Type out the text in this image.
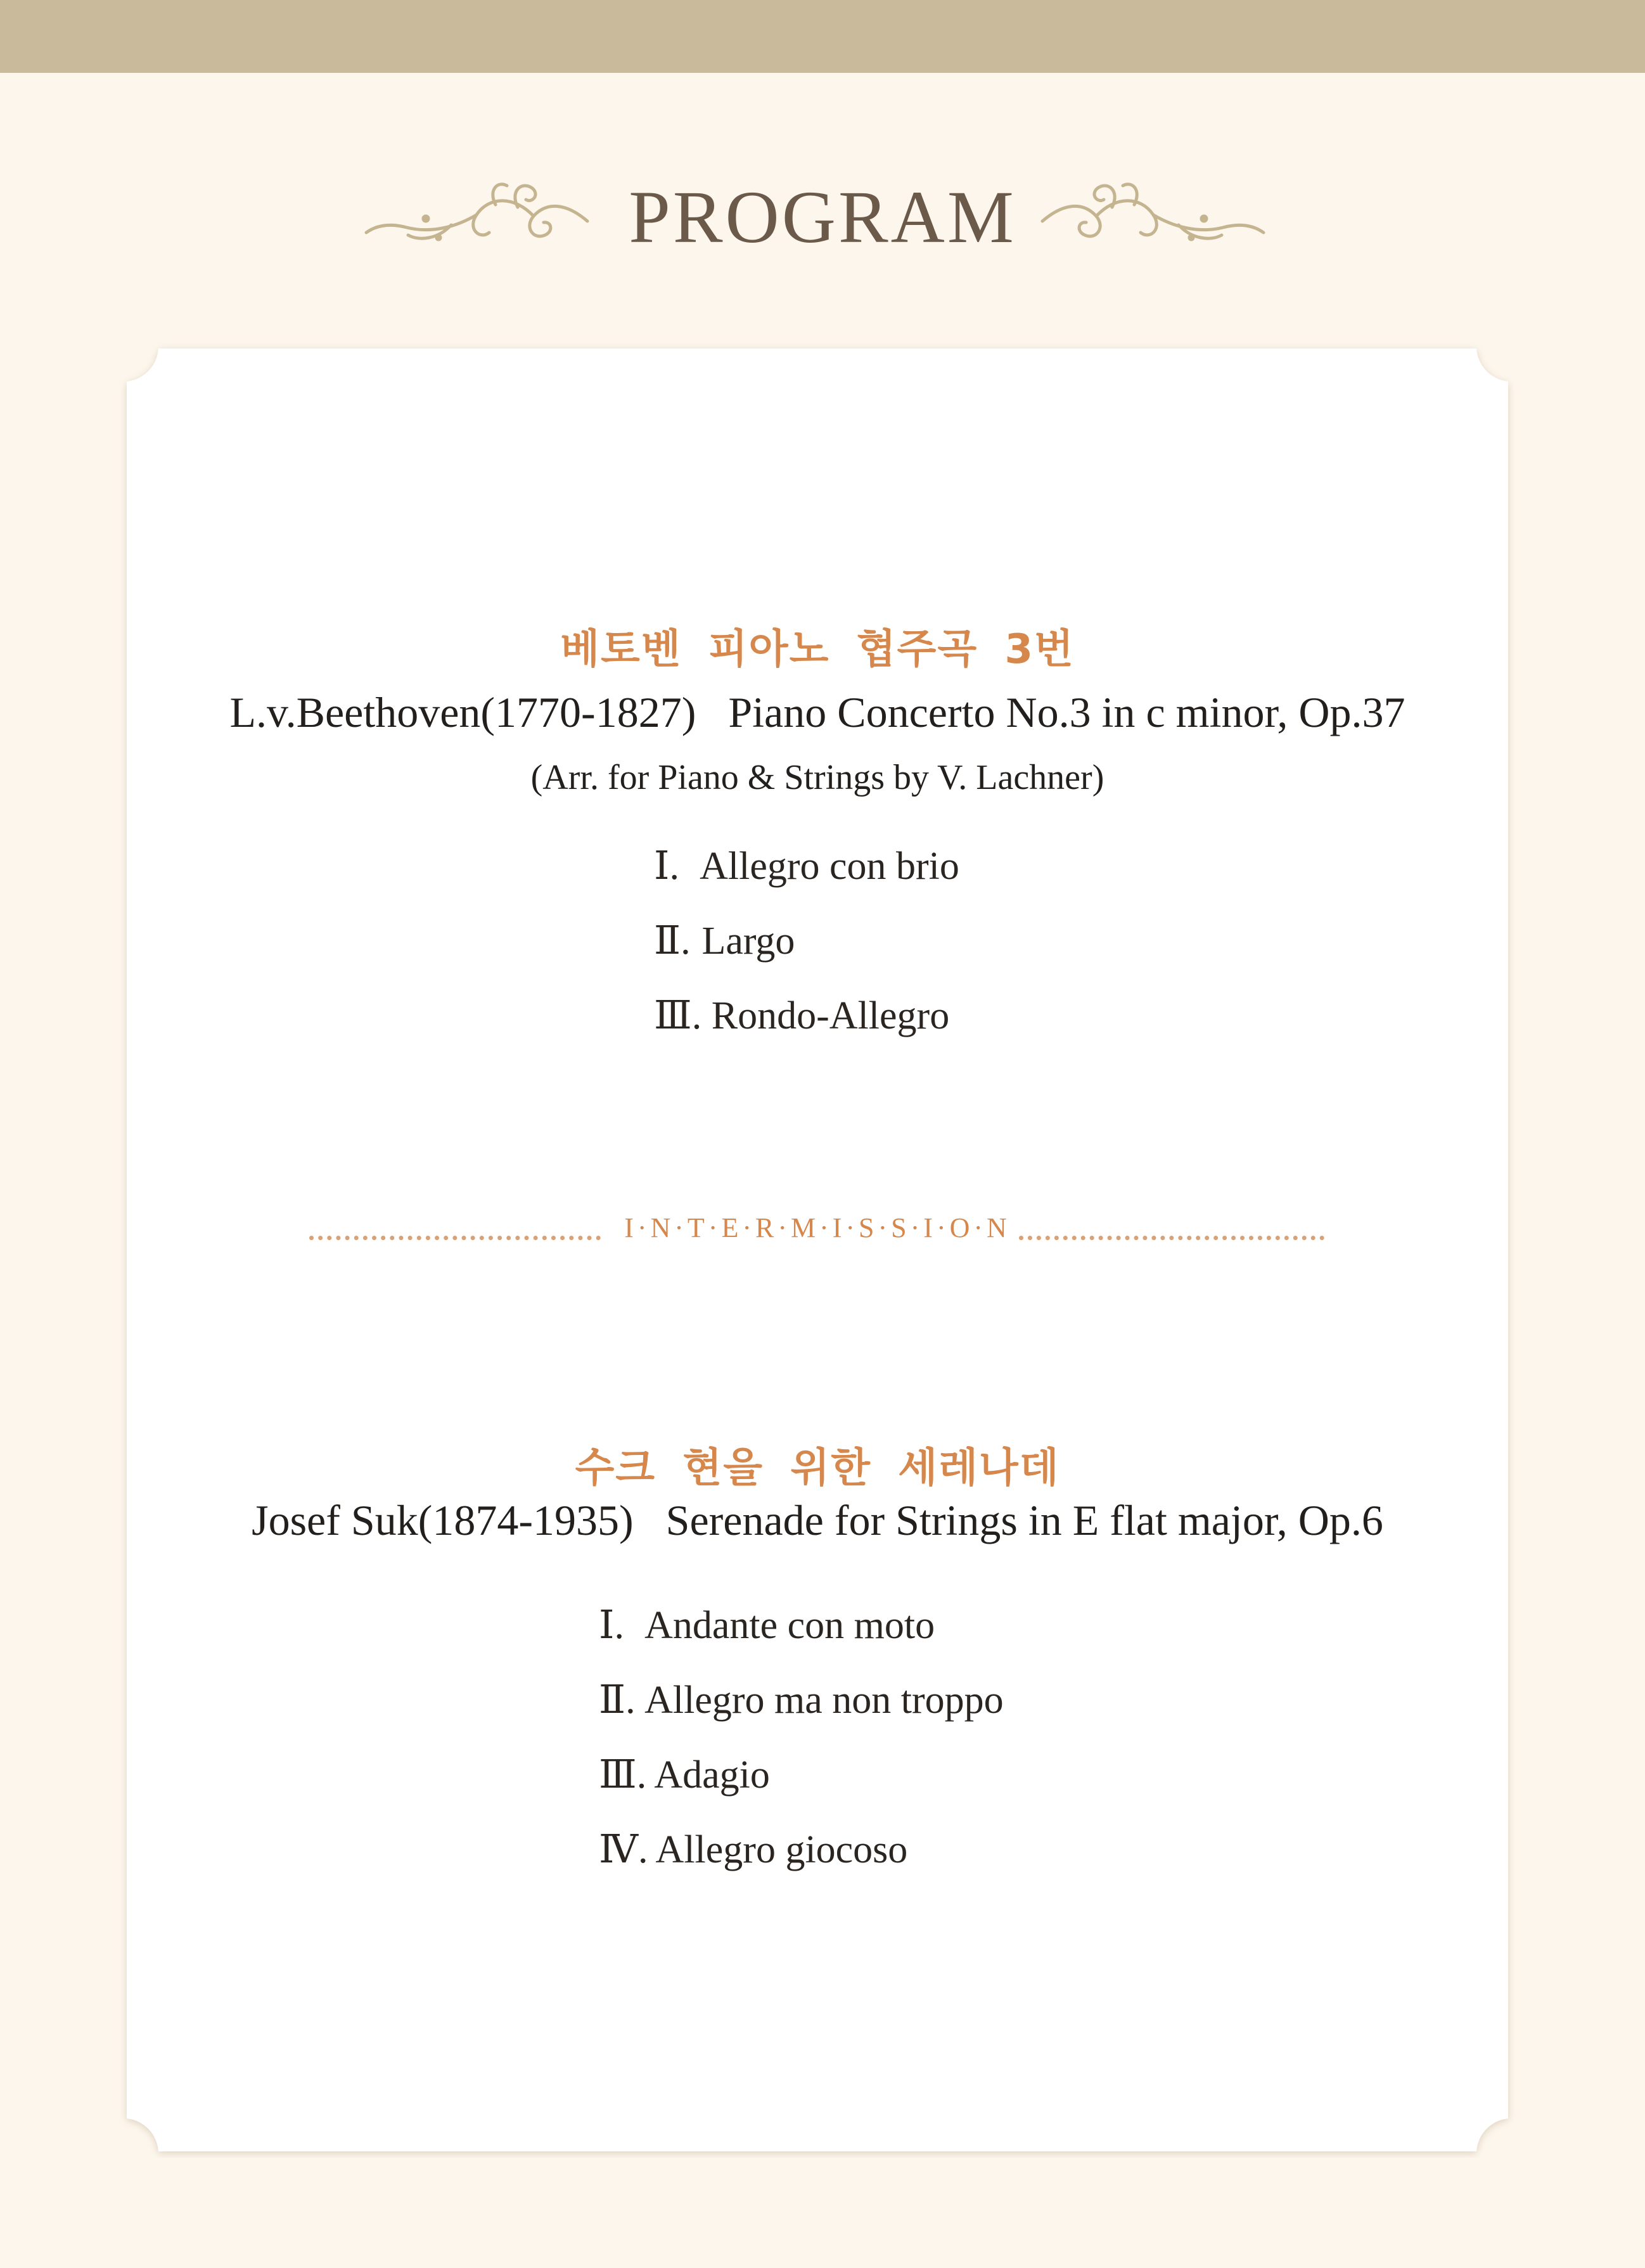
PROGRAM
베토벤 피아노 협주곡 3번
L.v.Beethoven(1770-1827)   Piano Concerto No.3 in c minor, Op.37
(Arr. for Piano & Strings by V. Lachner)
Ⅰ. Allegro con brio
Ⅱ. Largo
Ⅲ. Rondo-Allegro
I·N·T·E·R·M·I·S·S·I·O·N
수크 현을 위한 세레나데
Josef Suk(1874-1935)   Serenade for Strings in E flat major, Op.6
Ⅰ. Andante con moto
Ⅱ. Allegro ma non troppo
Ⅲ. Adagio
Ⅳ. Allegro giocoso
